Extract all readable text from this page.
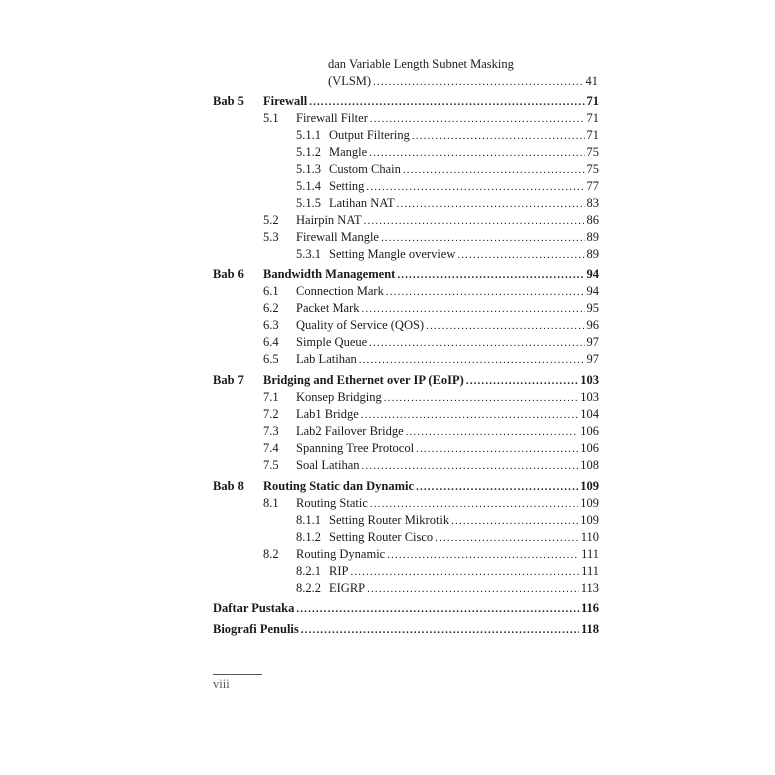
dan Variable Length Subnet Masking
(VLSM) . . .	41
Bab 5	Firewall . . .	71
5.1	Firewall Filter . . .	71
5.1.1 Output Filtering . . .	71
5.1.2 Mangle . . .	75
5.1.3 Custom Chain . . .	75
5.1.4 Setting . . .	77
5.1.5 Latihan NAT . . .	83
5.2	Hairpin NAT . . .	86
5.3	Firewall Mangle . . .	89
5.3.1 Setting Mangle overview . . .	89
Bab 6	Bandwidth Management . . .	94
6.1	Connection Mark . . .	94
6.2	Packet Mark . . .	95
6.3	Quality of Service (QOS) . . .	96
6.4	Simple Queue . . .	97
6.5	Lab Latihan . . .	97
Bab 7	Bridging and Ethernet over IP (EoIP) . . .	103
7.1	Konsep Bridging . . .	103
7.2	Lab1 Bridge . . .	104
7.3	Lab2 Failover Bridge . . .	106
7.4	Spanning Tree Protocol . . .	106
7.5	Soal Latihan . . .	108
Bab 8	Routing Static dan Dynamic . . .	109
8.1	Routing Static . . .	109
8.1.1 Setting Router Mikrotik . . .	109
8.1.2 Setting Router Cisco . . .	110
8.2	Routing Dynamic . . .	111
8.2.1 RIP . . .	111
8.2.2 EIGRP . . .	113
Daftar Pustaka . . .	116
Biografi Penulis . . .	118
viii
